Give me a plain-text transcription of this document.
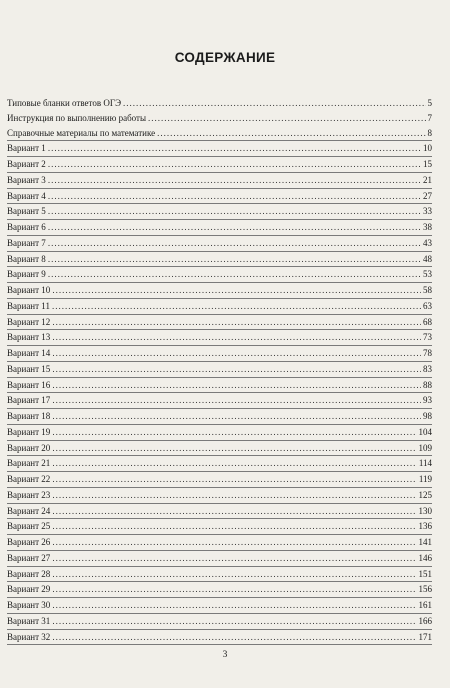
СОДЕРЖАНИЕ
Типовые бланки ответов ОГЭ .....	5
Инструкция по выполнению работы .....	7
Справочные материалы по математике .....	8
Вариант 1 .....	10
Вариант 2 .....	15
Вариант 3 .....	21
Вариант 4 .....	27
Вариант 5 .....	33
Вариант 6 .....	38
Вариант 7 .....	43
Вариант 8 .....	48
Вариант 9 .....	53
Вариант 10 .....	58
Вариант 11 .....	63
Вариант 12 .....	68
Вариант 13 .....	73
Вариант 14 .....	78
Вариант 15 .....	83
Вариант 16 .....	88
Вариант 17 .....	93
Вариант 18 .....	98
Вариант 19 .....	104
Вариант 20 .....	109
Вариант 21 .....	114
Вариант 22 .....	119
Вариант 23 .....	125
Вариант 24 .....	130
Вариант 25 .....	136
Вариант 26 .....	141
Вариант 27 .....	146
Вариант 28 .....	151
Вариант 29 .....	156
Вариант 30 .....	161
Вариант 31 .....	166
Вариант 32 .....	171
3
